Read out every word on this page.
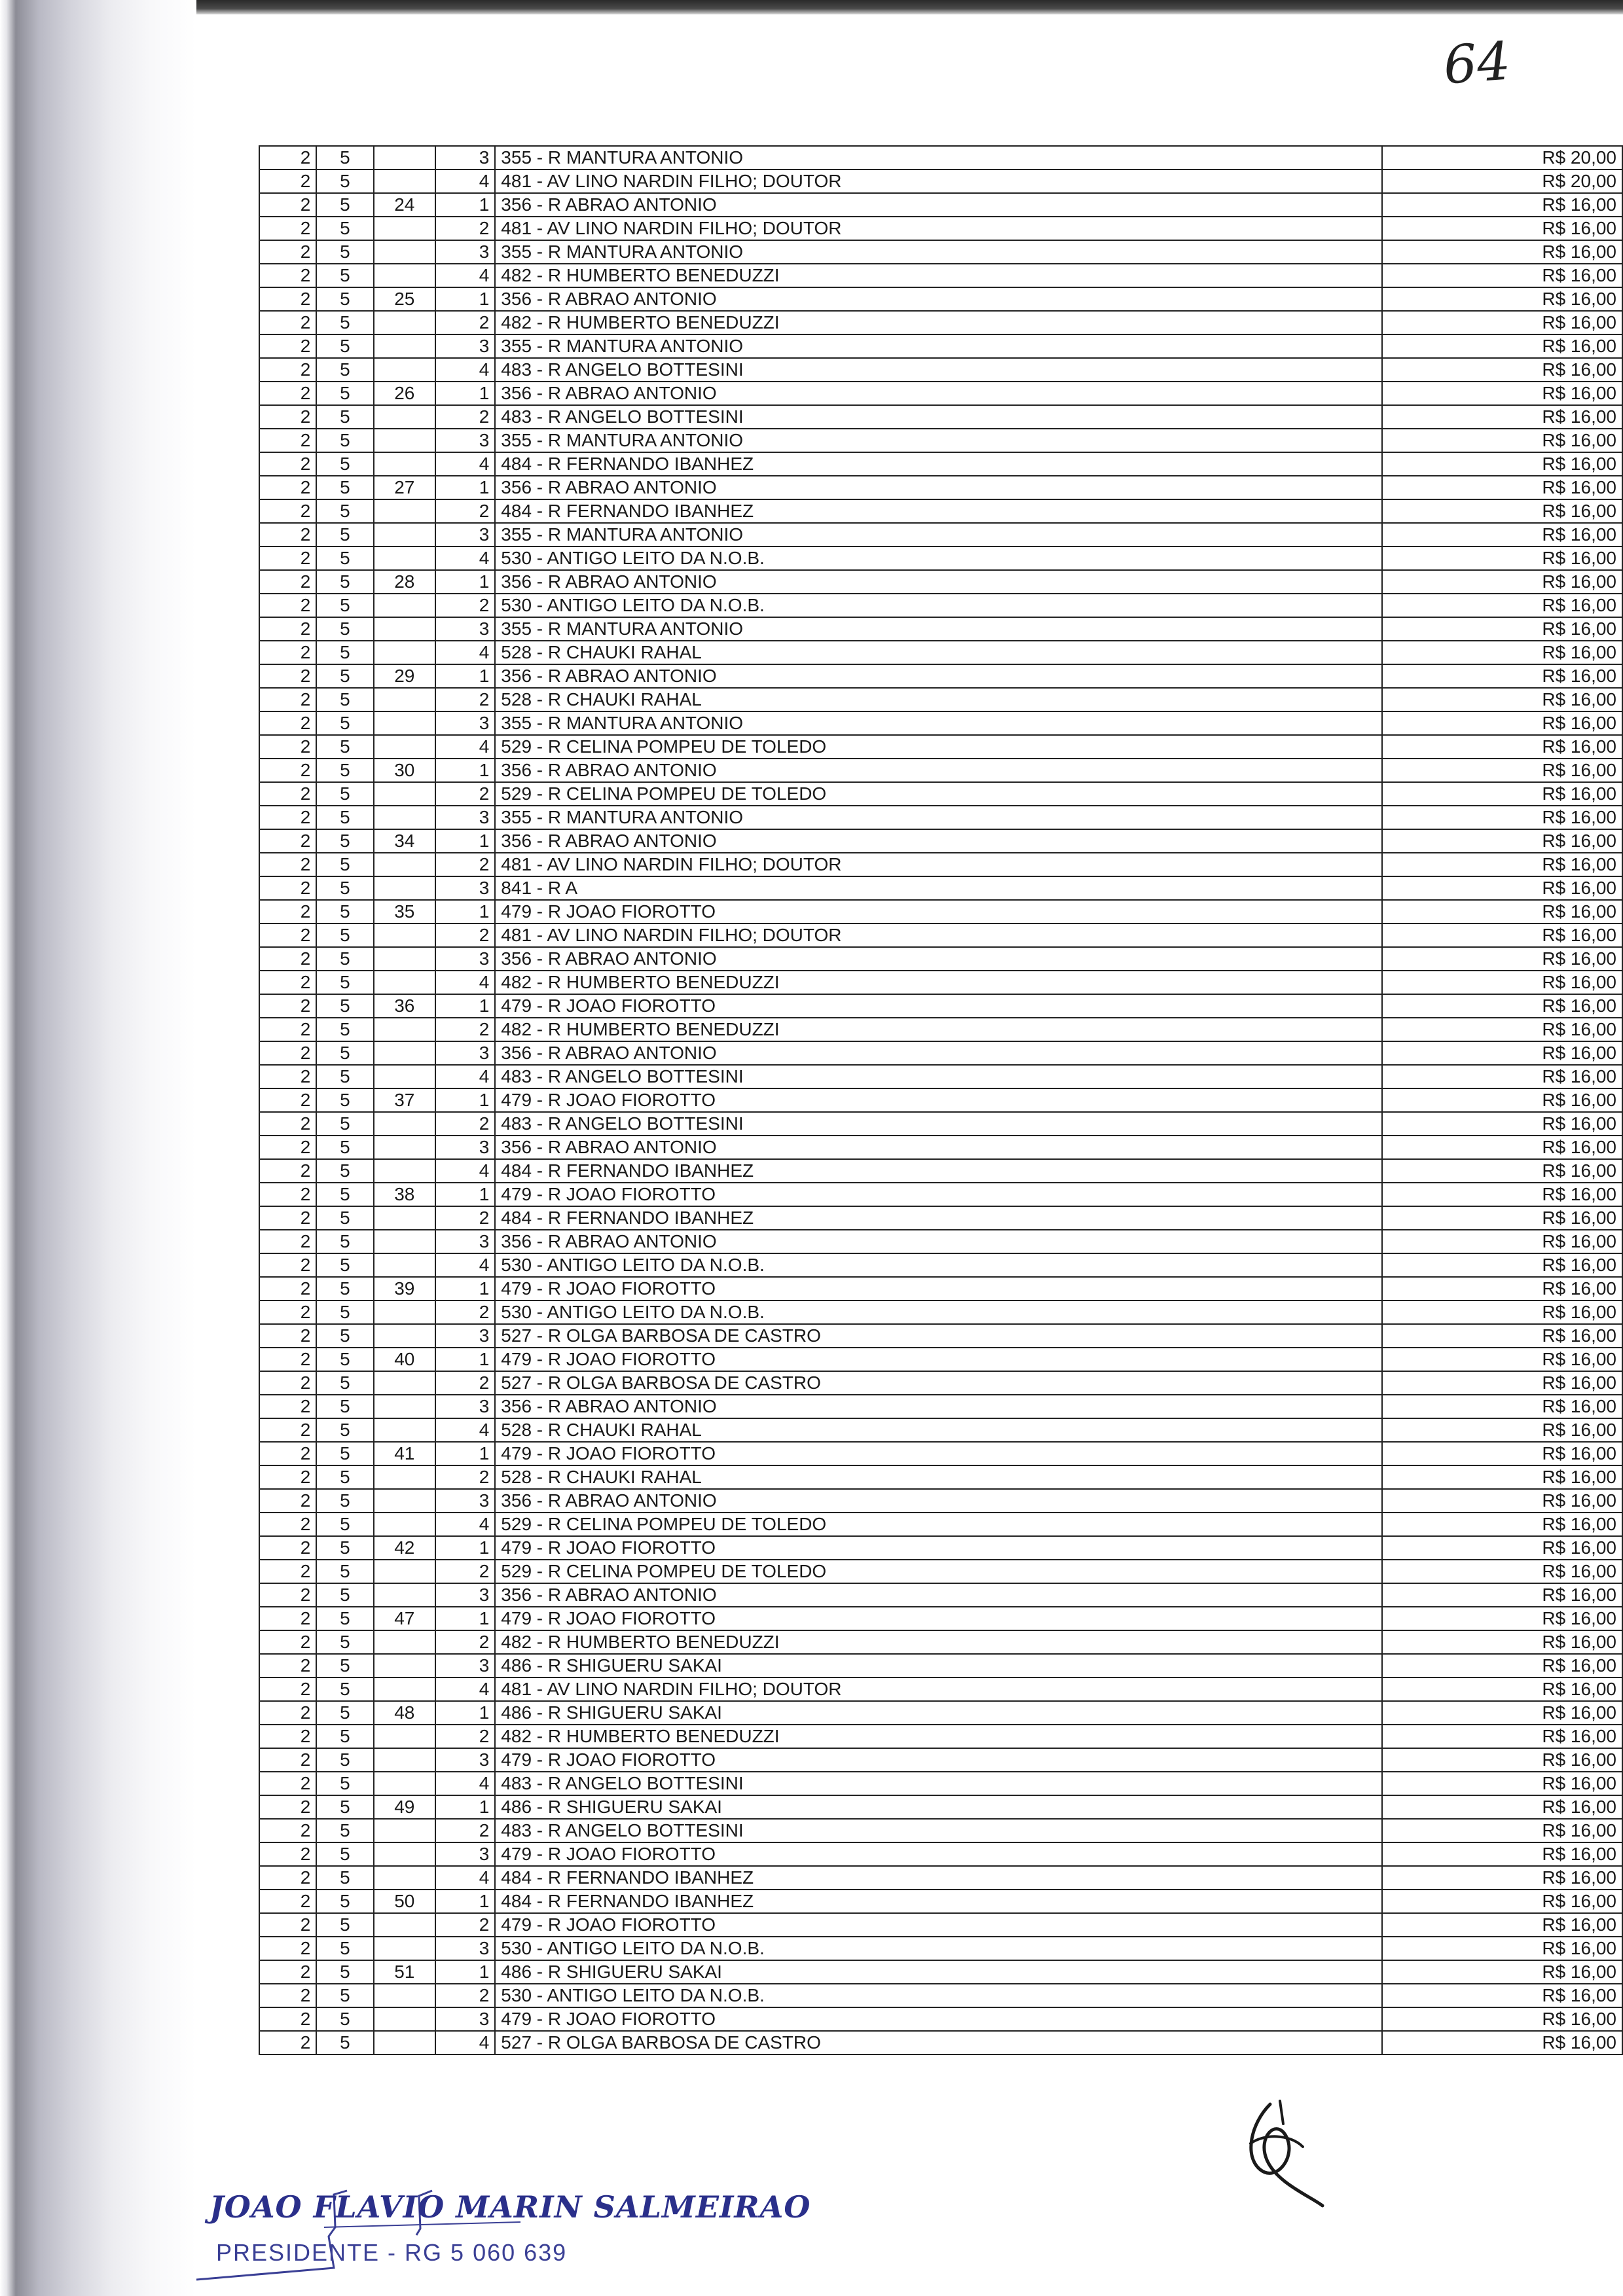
64
2	5		3	355 - R MANTURA ANTONIO	R$ 20,00
2	5		4	481 - AV LINO NARDIN FILHO; DOUTOR	R$ 20,00
2	5	24	1	356 - R ABRAO ANTONIO	R$ 16,00
2	5		2	481 - AV LINO NARDIN FILHO; DOUTOR	R$ 16,00
2	5		3	355 - R MANTURA ANTONIO	R$ 16,00
2	5		4	482 - R HUMBERTO BENEDUZZI	R$ 16,00
2	5	25	1	356 - R ABRAO ANTONIO	R$ 16,00
2	5		2	482 - R HUMBERTO BENEDUZZI	R$ 16,00
2	5		3	355 - R MANTURA ANTONIO	R$ 16,00
2	5		4	483 - R ANGELO BOTTESINI	R$ 16,00
2	5	26	1	356 - R ABRAO ANTONIO	R$ 16,00
2	5		2	483 - R ANGELO BOTTESINI	R$ 16,00
2	5		3	355 - R MANTURA ANTONIO	R$ 16,00
2	5		4	484 - R FERNANDO IBANHEZ	R$ 16,00
2	5	27	1	356 - R ABRAO ANTONIO	R$ 16,00
2	5		2	484 - R FERNANDO IBANHEZ	R$ 16,00
2	5		3	355 - R MANTURA ANTONIO	R$ 16,00
2	5		4	530 - ANTIGO LEITO DA N.O.B.	R$ 16,00
2	5	28	1	356 - R ABRAO ANTONIO	R$ 16,00
2	5		2	530 - ANTIGO LEITO DA N.O.B.	R$ 16,00
2	5		3	355 - R MANTURA ANTONIO	R$ 16,00
2	5		4	528 - R CHAUKI RAHAL	R$ 16,00
2	5	29	1	356 - R ABRAO ANTONIO	R$ 16,00
2	5		2	528 - R CHAUKI RAHAL	R$ 16,00
2	5		3	355 - R MANTURA ANTONIO	R$ 16,00
2	5		4	529 - R CELINA POMPEU DE TOLEDO	R$ 16,00
2	5	30	1	356 - R ABRAO ANTONIO	R$ 16,00
2	5		2	529 - R CELINA POMPEU DE TOLEDO	R$ 16,00
2	5		3	355 - R MANTURA ANTONIO	R$ 16,00
2	5	34	1	356 - R ABRAO ANTONIO	R$ 16,00
2	5		2	481 - AV LINO NARDIN FILHO; DOUTOR	R$ 16,00
2	5		3	841 - R A	R$ 16,00
2	5	35	1	479 - R JOAO FIOROTTO	R$ 16,00
2	5		2	481 - AV LINO NARDIN FILHO; DOUTOR	R$ 16,00
2	5		3	356 - R ABRAO ANTONIO	R$ 16,00
2	5		4	482 - R HUMBERTO BENEDUZZI	R$ 16,00
2	5	36	1	479 - R JOAO FIOROTTO	R$ 16,00
2	5		2	482 - R HUMBERTO BENEDUZZI	R$ 16,00
2	5		3	356 - R ABRAO ANTONIO	R$ 16,00
2	5		4	483 - R ANGELO BOTTESINI	R$ 16,00
2	5	37	1	479 - R JOAO FIOROTTO	R$ 16,00
2	5		2	483 - R ANGELO BOTTESINI	R$ 16,00
2	5		3	356 - R ABRAO ANTONIO	R$ 16,00
2	5		4	484 - R FERNANDO IBANHEZ	R$ 16,00
2	5	38	1	479 - R JOAO FIOROTTO	R$ 16,00
2	5		2	484 - R FERNANDO IBANHEZ	R$ 16,00
2	5		3	356 - R ABRAO ANTONIO	R$ 16,00
2	5		4	530 - ANTIGO LEITO DA N.O.B.	R$ 16,00
2	5	39	1	479 - R JOAO FIOROTTO	R$ 16,00
2	5		2	530 - ANTIGO LEITO DA N.O.B.	R$ 16,00
2	5		3	527 - R OLGA BARBOSA DE CASTRO	R$ 16,00
2	5	40	1	479 - R JOAO FIOROTTO	R$ 16,00
2	5		2	527 - R OLGA BARBOSA DE CASTRO	R$ 16,00
2	5		3	356 - R ABRAO ANTONIO	R$ 16,00
2	5		4	528 - R CHAUKI RAHAL	R$ 16,00
2	5	41	1	479 - R JOAO FIOROTTO	R$ 16,00
2	5		2	528 - R CHAUKI RAHAL	R$ 16,00
2	5		3	356 - R ABRAO ANTONIO	R$ 16,00
2	5		4	529 - R CELINA POMPEU DE TOLEDO	R$ 16,00
2	5	42	1	479 - R JOAO FIOROTTO	R$ 16,00
2	5		2	529 - R CELINA POMPEU DE TOLEDO	R$ 16,00
2	5		3	356 - R ABRAO ANTONIO	R$ 16,00
2	5	47	1	479 - R JOAO FIOROTTO	R$ 16,00
2	5		2	482 - R HUMBERTO BENEDUZZI	R$ 16,00
2	5		3	486 - R SHIGUERU SAKAI	R$ 16,00
2	5		4	481 - AV LINO NARDIN FILHO; DOUTOR	R$ 16,00
2	5	48	1	486 - R SHIGUERU SAKAI	R$ 16,00
2	5		2	482 - R HUMBERTO BENEDUZZI	R$ 16,00
2	5		3	479 - R JOAO FIOROTTO	R$ 16,00
2	5		4	483 - R ANGELO BOTTESINI	R$ 16,00
2	5	49	1	486 - R SHIGUERU SAKAI	R$ 16,00
2	5		2	483 - R ANGELO BOTTESINI	R$ 16,00
2	5		3	479 - R JOAO FIOROTTO	R$ 16,00
2	5		4	484 - R FERNANDO IBANHEZ	R$ 16,00
2	5	50	1	484 - R FERNANDO IBANHEZ	R$ 16,00
2	5		2	479 - R JOAO FIOROTTO	R$ 16,00
2	5		3	530 - ANTIGO LEITO DA N.O.B.	R$ 16,00
2	5	51	1	486 - R SHIGUERU SAKAI	R$ 16,00
2	5		2	530 - ANTIGO LEITO DA N.O.B.	R$ 16,00
2	5		3	479 - R JOAO FIOROTTO	R$ 16,00
2	5		4	527 - R OLGA BARBOSA DE CASTRO	R$ 16,00
JOAO FLAVIO MARIN SALMEIRAO
PRESIDENTE - RG 5 060 639
